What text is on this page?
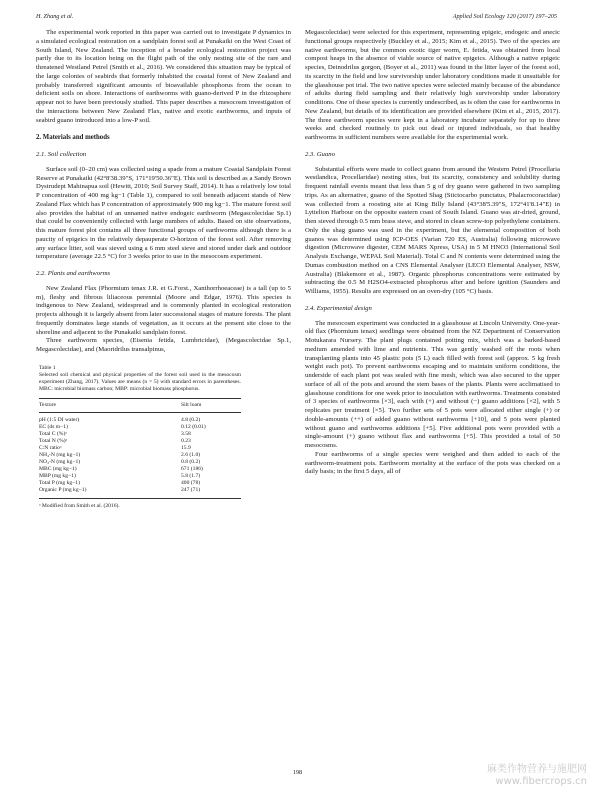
H. Zhang et al.	Applied Soil Ecology 120 (2017) 197–205

The experimental work reported in this paper was carried out to investigate P dynamics in a simulated ecological restoration on a sandplain forest soil at Punakaiki on the West Coast of South Island, New Zealand. The inception of a broader ecological restoration project was partly due to its location being on the flight path of the only nesting site of the rare and threatened Westland Petrel (Smith et al., 2016). We considered this situation may be typical of the large colonies of seabirds that formerly inhabited the coastal forest of New Zealand and probably transferred significant amounts of bioavailable phosphorus from the ocean to deficient soils on shore. Interactions of earthworms with guano-derived P in the rhizosphere appear not to have been previously studied. This paper describes a mesocosm investigation of the interactions between New Zealand Flax, native and exotic earthworms, and inputs of seabird guano introduced into a low-P soil.

2. Materials and methods
2.1. Soil collection

Surface soil (0–20 cm) was collected using a spade from a mature Coastal Sandplain Forest Reserve at Punakaiki (42°8'38.39"S, 171°19'50.36"E). This soil is described as a Sandy Brown Dystrudept Mahinapua soil (Hewitt, 2010; Soil Survey Staff, 2014). It has a relatively low total P concentration of 400 mg kg−1 (Table 1), compared to soil beneath adjacent stands of New Zealand Flax which has P concentration of approximately 900 mg kg−1. The mature forest soil also provides the habitat of an unnamed native endogeic earthworm (Megascolecidae Sp.1) that could be conveniently collected with large numbers of adults. Based on site observations, this mature forest plot contains all three functional groups of earthworms although there is a paucity of epigeics in the relatively depauperate O-horizon of the forest soil. After removing any surface litter, soil was sieved using a 6 mm steel sieve and stored under dark and outdoor temperature (average 22.5 °C) for 3 weeks prior to use in the mesocosm experiment.

2.2. Plants and earthworms

New Zealand Flax (Phormium tenax J.R. et G.Forst., Xanthorrhoeaceae) is a tall (up to 5 m), fleshy and fibrous liliaceous perennial (Moore and Edgar, 1976). This species is indigenous to New Zealand, widespread and is commonly planted in ecological restoration projects although it is largely absent from later successional stages of mature forests. The plant frequently dominates large stands of vegetation, as it occurs at the present site close to the shoreline and adjacent to the Punakaiki sandplain forest.

Three earthworm species, (Eisenia fetida, Lumbricidae), (Megascolecidae Sp.1, Megascolecidae), and (Maoridrilus transalpinus,

Table 1
Selected soil chemical and physical properties of the forest soil used in the mesocosm experiment (Zhang, 2017). Values are means (n = 5) with standard errors in parentheses. MBC: microbial biomass carbon; MBP: microbial biomass phosphorus.
Texture	Silt loam
pH (1:5 DI water)	4.8 (0.2)
EC (ds m−1)	0.12 (0.01)
Total C (%)ᵃ	3.58
Total N (%)ᵃ	0.23
C:N ratioᵃ	15.9
NH₄-N (mg kg−1)	2.6 (1.0)
NO₃-N (mg kg−1)	0.8 (0.2)
MBC (mg kg−1)	671 (186)
MBP (mg kg−1)	5.8 (1.7)
Total P (mg kg−1)	400 (78)
Organic P (mg kg−1)	247 (71)
ᵃ Modified from Smith et al. (2016).

Megascolecidae) were selected for this experiment, representing epigeic, endogeic and anecic functional groups respectively (Buckley et al., 2015; Kim et al., 2015). Two of the species are native earthworms, but the common exotic tiger worm, E. fetida, was obtained from local compost heaps in the absence of viable source of native epigeics. Although a native epigeic species, Deinodrilus gorgon, (Boyer et al., 2011) was found in the litter layer of the forest soil, its scarcity in the field and low survivorship under laboratory conditions made it unsuitable for the glasshouse pot trial. The two native species were selected mainly because of the abundance of adults during field sampling and their relatively high survivorship under laboratory conditions. One of these species is currently undescribed, as is often the case for earthworms in New Zealand, but details of its identification are provided elsewhere (Kim et al., 2015, 2017). The three earthworm species were kept in a laboratory incubator separately for up to three weeks and checked routinely to pick out dead or injured individuals, so that healthy earthworms in sufficient numbers were available for the experimental work.

2.3. Guano

Substantial efforts were made to collect guano from around the Western Petrel (Procellaria westlandica, Procellaridae) nesting sites, but its scarcity, consistency and solubility during frequent rainfall events meant that less than 5 g of dry guano were gathered in two sampling trips. As an alternative, guano of the Spotted Shag (Stictocarbo punctatus, Phalacrocoracidae) was collected from a roosting site at King Billy Island (43°38'5.39"S, 172°41'8.14"E) in Lyttelton Harbour on the opposite eastern coast of South Island. Guano was air-dried, ground, then sieved through 0.5 mm brass sieve, and stored in clean screw-top polyethylene containers. Only the shag guano was used in the experiment, but the elemental composition of both guanos was determined using ICP-OES (Varian 720 ES, Australia) following microwave digestion (Microwave digester, CEM MARS Xpress, USA) in 5 M HNO3 (International Soil Analysis Exchange, WEPAL Soil Material). Total C and N contents were determined using the Dumas combustion method on a CNS Elemental Analyser (LECO Elemental Analyser, NSW, Australia) (Blakemore et al., 1987). Organic phosphorus concentrations were estimated by subtracting the 0.5 M H2SO4-extracted phosphorus after and before ignition (Saunders and Williams, 1955). Results are expressed on an oven-dry (105 °C) basis.

2.4. Experimental design

The mesocosm experiment was conducted in a glasshouse at Lincoln University. One-year-old flax (Phormium tenax) seedlings were obtained from the NZ Department of Conservation Motukarara Nursery. The plant plugs contained potting mix, which was a barked-based medium amended with lime and nutrients. This was gently washed off the roots when transplanting plants into 45 plastic pots (5 L) each filled with forest soil (approx. 5 kg fresh weight each pot). To prevent earthworms escaping and to maintain uniform conditions, the underside of each plant pot was sealed with fine mesh, which was also secured to the upper surface of all of the pots and around the stem bases of the plants. Plants were acclimatised to glasshouse conditions for one week prior to inoculation with earthworms. Treatments consisted of 3 species of earthworms [×3], each with (+) and without (−) guano additions [×2], with 5 replicates per treatment [×5]. Two further sets of 5 pots were allocated either single (+) or double-amounts (++) of added guano without earthworms [+10], and 5 pots were planted without guano and earthworms additions [+5]. Five additional pots were provided with a single-amount (+) guano without flax and earthworms [+5]. This provided a total of 50 mesocosms.

Four earthworms of a single species were weighed and then added to each of the earthworm-treatment pots. Earthworm mortality at the surface of the pots was checked on a daily basis; in the first 5 days, all of

198	麻类作物营养与施肥网
www.fibercrops.cn
